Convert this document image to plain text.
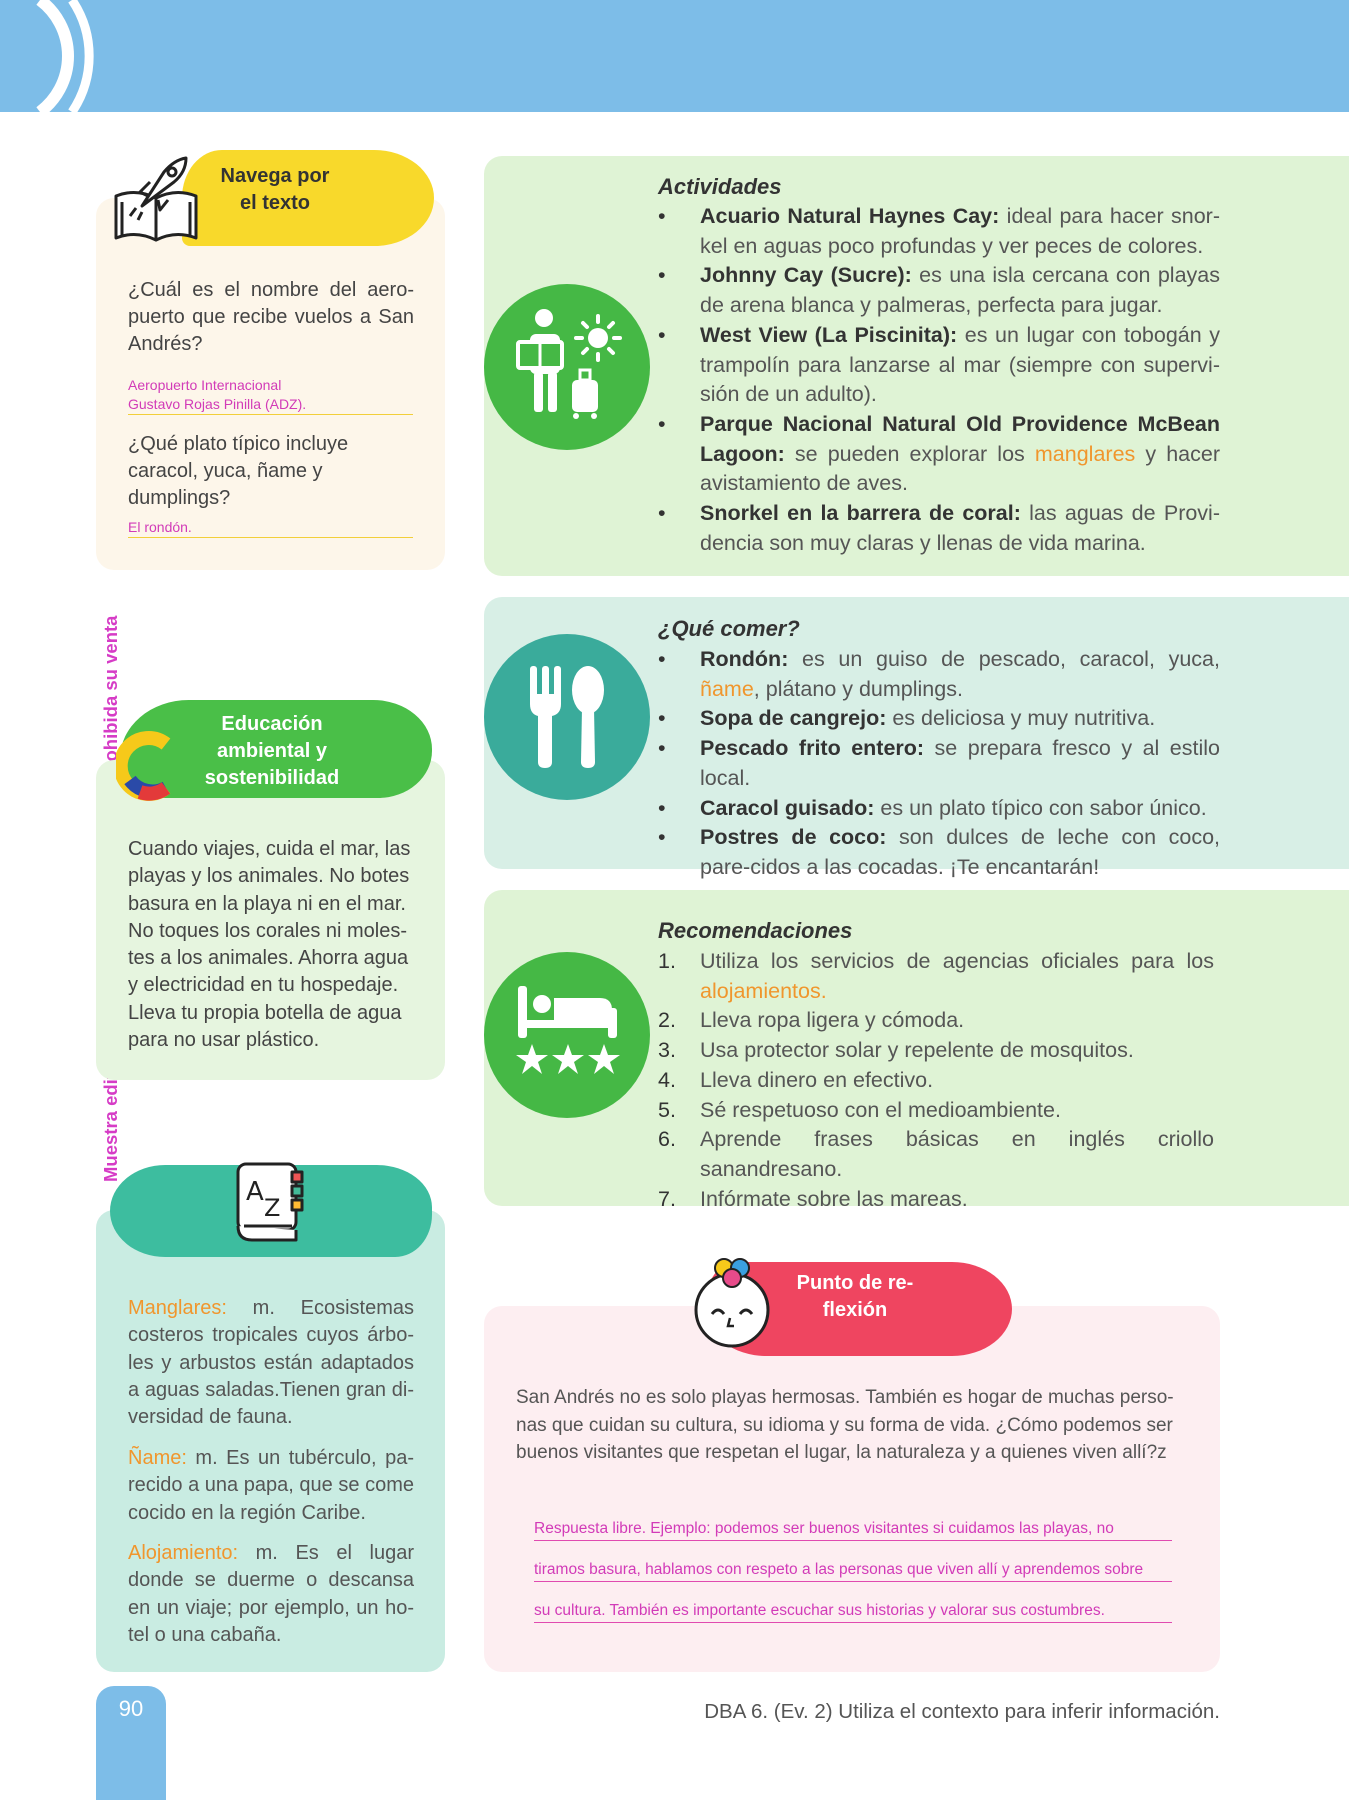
Navega por
el texto
¿Cuál es el nombre del aero-puerto que recibe vuelos a San Andrés?
Aeropuerto Internacional
Gustavo Rojas Pinilla (ADZ).
¿Qué plato típico incluye caracol, yuca, ñame y dumplings?
El rondón.
Educación
ambiental y
sostenibilidad
Cuando viajes, cuida el mar, las playas y los animales. No botes basura en la playa ni en el mar. No toques los corales ni moles-tes a los animales. Ahorra agua y electricidad en tu hospedaje. Lleva tu propia botella de agua para no usar plástico.
A
Z
Manglares: m. Ecosistemas costeros tropicales cuyos árbo-les y arbustos están adaptados a aguas saladas.Tienen gran di-versidad de fauna.
Ñame: m. Es un tubérculo, pa-recido a una papa, que se come cocido en la región Caribe.
Alojamiento: m. Es el lugar donde se duerme o descansa en un viaje; por ejemplo, un ho-tel o una cabaña.
Actividades
• Acuario Natural Haynes Cay: ideal para hacer snor-kel en aguas poco profundas y ver peces de colores.
• Johnny Cay (Sucre): es una isla cercana con playas de arena blanca y palmeras, perfecta para jugar.
• West View (La Piscinita): es un lugar con tobogán y trampolín para lanzarse al mar (siempre con supervi-sión de un adulto).
• Parque Nacional Natural Old Providence McBean Lagoon: se pueden explorar los manglares y hacer avistamiento de aves.
• Snorkel en la barrera de coral: las aguas de Provi-dencia son muy claras y llenas de vida marina.
¿Qué comer?
• Rondón: es un guiso de pescado, caracol, yuca, ñame, plátano y dumplings.
• Sopa de cangrejo: es deliciosa y muy nutritiva.
• Pescado frito entero: se prepara fresco y al estilo local.
• Caracol guisado: es un plato típico con sabor único.
• Postres de coco: son dulces de leche con coco, pare-cidos a las cocadas. ¡Te encantarán!
Recomendaciones
1. Utiliza los servicios de agencias oficiales para los alojamientos.
2. Lleva ropa ligera y cómoda.
3. Usa protector solar y repelente de mosquitos.
4. Lleva dinero en efectivo.
5. Sé respetuoso con el medioambiente.
6. Aprende frases básicas en inglés criollo sanandresano.
7. Infórmate sobre las mareas.
Punto de re-
flexión
San Andrés no es solo playas hermosas. También es hogar de muchas perso-nas que cuidan su cultura, su idioma y su forma de vida. ¿Cómo podemos ser buenos visitantes que respetan el lugar, la naturaleza y a quienes viven allí?z
Respuesta libre. Ejemplo: podemos ser buenos visitantes si cuidamos las playas, no
tiramos basura, hablamos con respeto a las personas que viven allí y aprendemos sobre
su cultura. También es importante escuchar sus historias y valorar sus costumbres.
90	DBA 6. (Ev. 2) Utiliza el contexto para inferir información.
